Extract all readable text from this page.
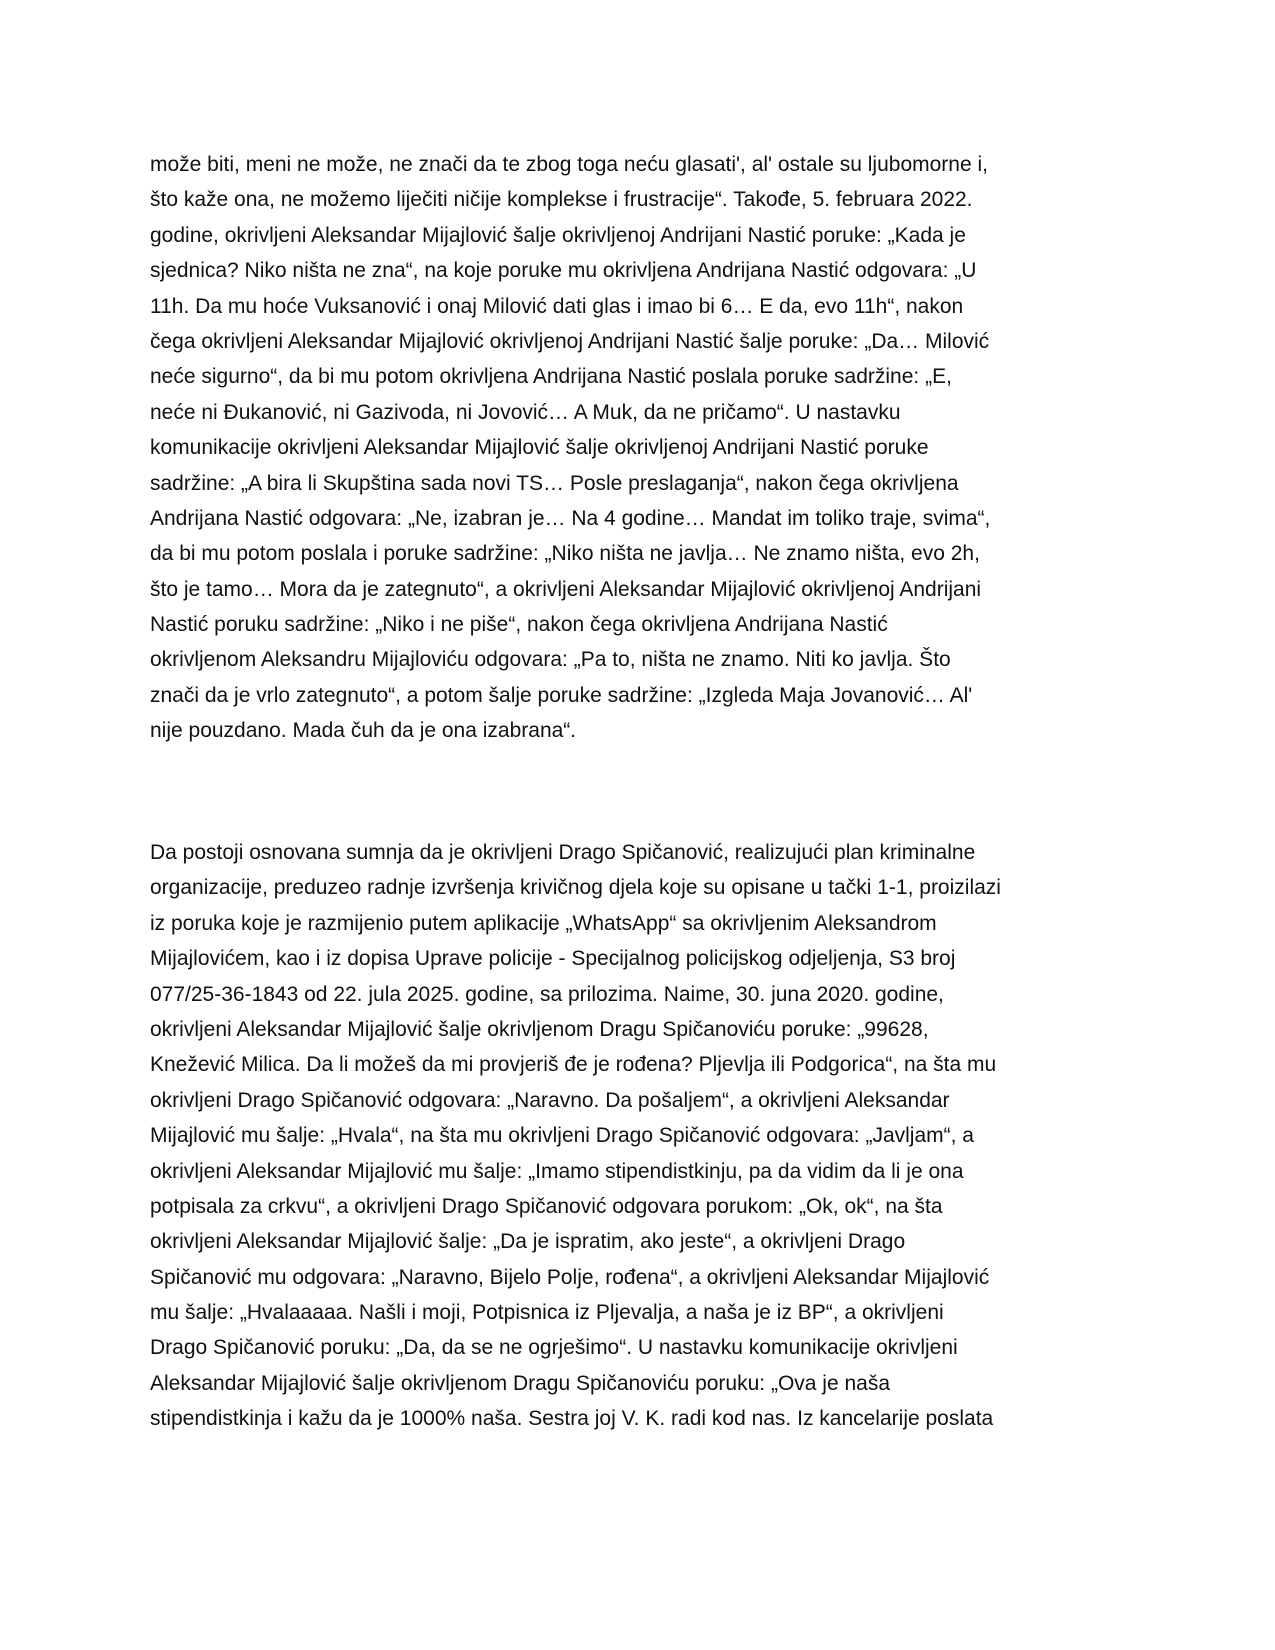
može biti, meni ne može, ne znači da te zbog toga neću glasati', al' ostale su ljubomorne i,
što kaže ona, ne možemo liječiti ničije komplekse i frustracije“. Takođe, 5. februara 2022.
godine, okrivljeni Aleksandar Mijajlović šalje okrivljenoj Andrijani Nastić poruke: „Kada je
sjednica? Niko ništa ne zna“, na koje poruke mu okrivljena Andrijana Nastić odgovara: „U
11h. Da mu hoće Vuksanović i onaj Milović dati glas i imao bi 6… E da, evo 11h“, nakon
čega okrivljeni Aleksandar Mijajlović okrivljenoj Andrijani Nastić šalje poruke: „Da… Milović
neće sigurno“, da bi mu potom okrivljena Andrijana Nastić poslala poruke sadržine: „E,
neće ni Đukanović, ni Gazivoda, ni Jovović… A Muk, da ne pričamo“. U nastavku
komunikacije okrivljeni Aleksandar Mijajlović šalje okrivljenoj Andrijani Nastić poruke
sadržine: „A bira li Skupština sada novi TS… Posle preslaganja“, nakon čega okrivljena
Andrijana Nastić odgovara: „Ne, izabran je… Na 4 godine… Mandat im toliko traje, svima“,
da bi mu potom poslala i poruke sadržine: „Niko ništa ne javlja… Ne znamo ništa, evo 2h,
što je tamo… Mora da je zategnuto“, a okrivljeni Aleksandar Mijajlović okrivljenoj Andrijani
Nastić poruku sadržine: „Niko i ne piše“, nakon čega okrivljena Andrijana Nastić
okrivljenom Aleksandru Mijajloviću odgovara: „Pa to, ništa ne znamo. Niti ko javlja. Što
znači da je vrlo zategnuto“, a potom šalje poruke sadržine: „Izgleda Maja Jovanović… Al'
nije pouzdano. Mada čuh da je ona izabrana“.

Da postoji osnovana sumnja da je okrivljeni Drago Spičanović, realizujući plan kriminalne
organizacije, preduzeo radnje izvršenja krivičnog djela koje su opisane u tački 1-1, proizilazi
iz poruka koje je razmijenio putem aplikacije „WhatsApp“ sa okrivljenim Aleksandrom
Mijajlovićem, kao i iz dopisa Uprave policije - Specijalnog policijskog odjeljenja, S3 broj
077/25-36-1843 od 22. jula 2025. godine, sa prilozima. Naime, 30. juna 2020. godine,
okrivljeni Aleksandar Mijajlović šalje okrivljenom Dragu Spičanoviću poruke: „99628,
Knežević Milica. Da li možeš da mi provjeriš đe je rođena? Pljevlja ili Podgorica“, na šta mu
okrivljeni Drago Spičanović odgovara: „Naravno. Da pošaljem“, a okrivljeni Aleksandar
Mijajlović mu šalje: „Hvala“, na šta mu okrivljeni Drago Spičanović odgovara: „Javljam“, a
okrivljeni Aleksandar Mijajlović mu šalje: „Imamo stipendistkinju, pa da vidim da li je ona
potpisala za crkvu“, a okrivljeni Drago Spičanović odgovara porukom: „Ok, ok“, na šta
okrivljeni Aleksandar Mijajlović šalje: „Da je ispratim, ako jeste“, a okrivljeni Drago
Spičanović mu odgovara: „Naravno, Bijelo Polje, rođena“, a okrivljeni Aleksandar Mijajlović
mu šalje: „Hvalaaaaa. Našli i moji, Potpisnica iz Pljevalja, a naša je iz BP“, a okrivljeni
Drago Spičanović poruku: „Da, da se ne ogrješimo“. U nastavku komunikacije okrivljeni
Aleksandar Mijajlović šalje okrivljenom Dragu Spičanoviću poruku: „Ova je naša
stipendistkinja i kažu da je 1000% naša. Sestra joj V. K. radi kod nas. Iz kancelarije poslata
